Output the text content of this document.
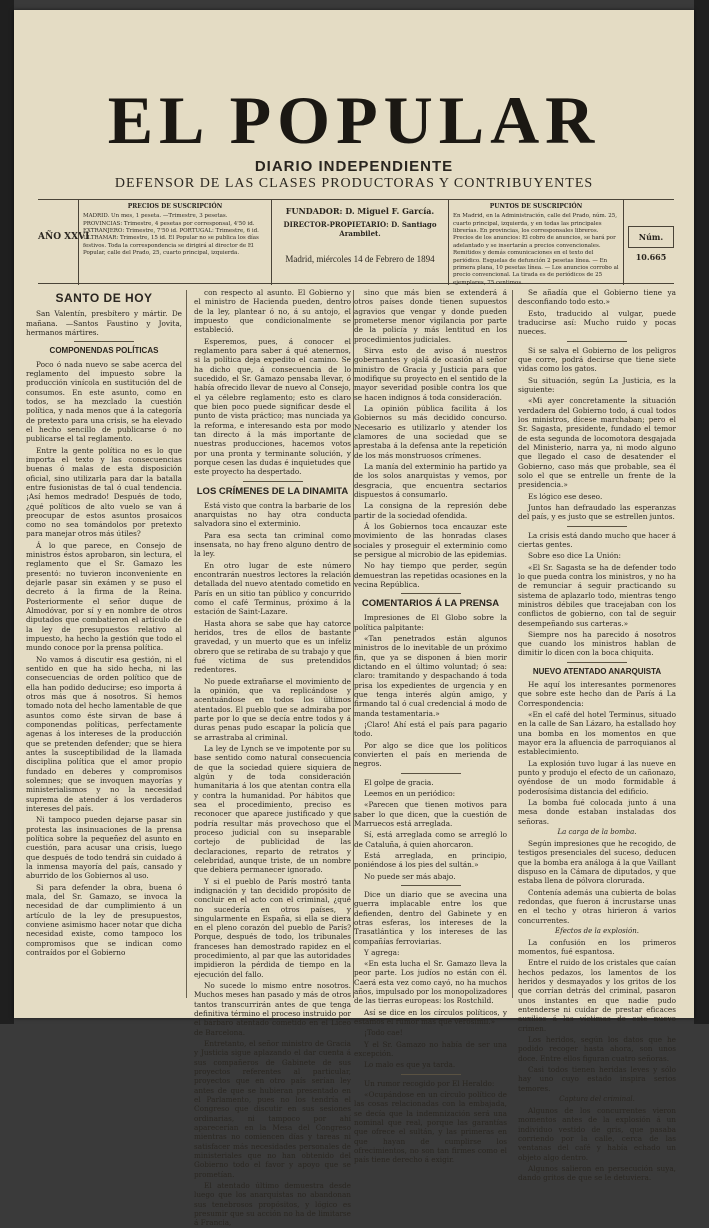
EL POPULAR
DIARIO INDEPENDIENTE
DEFENSOR DE LAS CLASES PRODUCTORAS Y CONTRIBUYENTES
AÑO XXVI
PRECIOS DE SUSCRIPCIÓN
MADRID. Un mes, 1 peseta. —Trimestre, 3 pesetas. PROVINCIAS: Trimestre, 4 pesetas por corresponsal, 4'50 id. EXTRANJERO: Trimestre, 7'50 id. PORTUGAL: Trimestre, 6 id. ULTRAMAR: Trimestre, 15 id. El Popular no se publica los días festivos. Toda la correspondencia se dirigirá al director de El Popular, calle del Prado, 25, cuarto principal, izquierda.
FUNDADOR: D. Miguel F. García.
DIRECTOR-PROPIETARIO: D. Santiago Arambilet.
Madrid, miércoles 14 de Febrero de 1894
PUNTOS DE SUSCRIPCIÓN
En Madrid, en la Administración, calle del Prado, núm. 25, cuarto principal, izquierda, y en todas las principales librerías. En provincias, los corresponsales libreros. Precios de los anuncios: El cobro de anuncios, se hará por adelantado y se insertarán a precios convencionales. Remitidos y demás comunicaciones en el texto del periódico. Esquelas de defunción 2 pesetas línea. — En primera plana, 10 pesetas línea. — Los anuncios corrobo al precio convencional. La tirada es de periódicos de 25 ejemplares, 75 centimos.
Núm. 10.665
SANTO DE HOY

San Valentín, presbítero y mártir. De mañana. —Santos Faustino y Jovita, hermanos mártires.

COMPONENDAS POLÍTICAS

Poco ó nada nuevo se sabe acerca del reglamento del impuesto sobre la producción vinícola en sustitución del de consumos. En este asunto, como en todos, se ha mezclado la cuestión política, y nada menos que á la categoría de pretexto para una crisis, se ha elevado el hecho sencillo de publicarse ó no publicarse el tal reglamento.

Entre la gente política no es lo que importa el texto y las consecuencias buenas ó malas de esta disposición oficial, sino utilizarla para dar la batalla entre fusionistas de tal ó cual tendencia. ¡Así hemos medrado! Después de todo, ¿qué políticos de alto vuelo se van á preocupar de estos asuntos prosaicos como no sea tomándolos por pretexto para manejar otros más útiles?

Á lo que parece, en Consejo de ministros éstos aprobaron, sin lectura, el reglamento que el Sr. Gamazo les presentó: no tuvieron inconveniente en dejarle pasar sin exámen y se puso el decreto á la firma de la Reina. Posteriormente el señor duque de Almodóvar, por sí y en nombre de otros diputados que combatieron el artículo de la ley de presupuestos relativo al impuesto, ha hecho la gestión que todo el mundo conoce por la prensa política.

No vamos á discutir esa gestión, ni el sentido en que ha sido hecha, ni las consecuencias de orden político que de ella han podido deducirse; eso importa á otros más que á nosotros. Sí hemos tomado nota del hecho lamentable de que asuntos como éste sirvan de base á componendas políticas, perfectamente agenas á los intereses de la producción que se pretenden defender; que se hiera antes la susceptibilidad de la llamada disciplina política que el amor propio fundado en deberes y compromisos solemnes; que se invoquen mayorías y ministerialismos y no la necesidad suprema de atender á los verdaderos intereses del país.

Ni tampoco pueden dejarse pasar sin protesta las insinuaciones de la prensa política sobre la pequeñez del asunto en cuestión, para acusar una crisis, luego que después de todo tendrá sin cuidado á la inmensa mayoría del país, cansado y aburrido de los Gobiernos al uso.

Si para defender la obra, buena ó mala, del Sr. Gamazo, se invoca la necesidad de dar cumplimiento á un artículo de la ley de presupuestos, conviene asimismo hacer notar que dicha necesidad existe, como tampoco los compromisos que se indican como contraídos por el Gobierno

con respecto al asunto. El Gobierno y el ministro de Hacienda pueden, dentro de la ley, plantear ó no, á su antojo, el impuesto que condicionalmente se estableció.

Esperemos, pues, á conocer el reglamento para saber á qué atenernos, si la política deja expedito el camino. Se ha dicho que, á consecuencia de lo sucedido, el Sr. Gamazo pensaba llevar, ó había ofrecido llevar de nuevo al Consejo, el ya célebre reglamento; esto es claro que bien poco puede significar desde el punto de vista práctico; mas nunciada ya la reforma, e interesando esta por modo tan directo á la más importante de nuestras producciones, hacemos votos por una pronta y terminante solución, y porque cesen las dudas é inquietudes que este proyecto ha despertado.

LOS CRÍMENES DE LA DINAMITA

Está visto que contra la barbarie de los anarquistas no hay otra conducta salvadora sino el exterminio.

Para esa secta tan criminal como insensata, no hay freno alguno dentro de la ley.

En otro lugar de este número encontrarán nuestros lectores la relación detallada del nuevo atentado cometido en París en un sitio tan público y concurrido como el café Terminus, próximo á la estación de Saint-Lazare.

Hasta ahora se sabe que hay catorce heridos, tres de ellos de bastante gravedad, y un muerto que es un infeliz obrero que se retiraba de su trabajo y que fué víctima de sus pretendidos redentores.

No puede extrañarse el movimiento de la opinión, que va replicándose y acentuándose en todos los últimos atentados. El pueblo que se admiraba por parte por lo que se decía entre todos y á duras penas pudo escapar la policía que se arrastraba al criminal.

La ley de Lynch se ve impotente por su base sentido como natural consecuencia de que la sociedad quiere siquiera de algún y de toda consideración humanitaria á los que atentan contra ella y contra la humanidad. Por hábitos que sea el procedimiento, preciso es reconocer que aparece justificado y que podría resultar más provechoso que el proceso judicial con su inseparable cortejo de publicidad de las declaraciones, reparto de retratos y celebridad, aunque triste, de un nombre que debiera permanecer ignorado.

Y si el pueblo de París mostró tanta indignación y tan decidido propósito de concluir en el acto con el criminal, ¿qué no sucedería en otros países, y singularmente en España, si ella se diera en el pleno corazón del pueblo de París? Porque, después de todo, los tribunales franceses han demostrado rapidez en el procedimiento, al par que las autoridades impidieron la pérdida de tiempo en la ejecución del fallo.

No sucede lo mismo entre nosotros. Muchos meses han pasado y más de otros tantos transcurrirán antes de que tenga definitiva término el proceso instruido por el bárbaro atentado cometido en el Liceo de Barcelona.

Entretanto, el señor ministro de Gracia y Justicia sigue aplazando el dar cuenta á sus compañeros de Gabinete de sus proyectos referentes al particular, proyectos que en otro país serían ley antes de que se hubieran presentado en el Parlamento, pues no los tendría el Congreso que discutir en sus sesiones ordinarias, ni tampoco por ahí aparecerían en la Mesa del Congreso mientras no comiencen días y tareas ni satisfacer más necesidades personales de ministeriales que no han obtenido del Gobierno todo el favor y apoyo que se prometían.

El atentado último demuestra desde luego que los anarquistas no abandonan sus tenebrosos propósitos, y lógico es presumir que su acción no ha de limitarse á Francia,

sino que más bien se extenderá á otros países donde tienen supuestos agravios que vengar y donde pueden prometerse menor vigilancia por parte de la policía y más lentitud en los procedimientos judiciales.

Sirva esto de aviso á nuestros gobernantes y ojalá de ocasión al señor ministro de Gracia y Justicia para que modifique su proyecto en el sentido de la mayor severidad posible contra los que se hacen indignos á toda consideración.

La opinión pública facilita á los Gobiernos su más decidido concurso. Necesario es utilizarlo y atender los clamores de una sociedad que se aprestaba á la defensa ante la repetición de los más monstruosos crímenes.

La manía del exterminio ha partido ya de los solos anarquistas y vemos, por desgracia, que encuentra sectarios dispuestos á consumarlo.

La consigna de la represión debe partir de la sociedad ofendida.

Á los Gobiernos toca encauzar este movimiento de las honradas clases sociales y proseguir el exterminio como se persigue al microbio de las epidemias.

No hay tiempo que perder, según demuestran las repetidas ocasiones en la vecina República.

COMENTARIOS Á LA PRENSA

Impresiones de El Globo sobre la política palpitante:

«Tan penetrados están algunos ministros de lo inevitable de un próximo fin, que ya se disponen á bien morir dictando en el último voluntad; ó sea: claro: tramitando y despachando á toda prisa los expedientes de urgencia y en que tenga interés algún amigo, y firmando tal ó cual credencial á modo de manda testamentaria.»

¡Claro! Ahí está el país para pagario todo.

Por algo se dice que los políticos convierten el país en merienda de negros.

El golpe de gracia.

Leemos en un periódico:

«Parecen que tienen motivos para saber lo que dicen, que la cuestión de Marruecos está arreglada.

Sí, está arreglada como se arregló lo de Cataluña, á quien ahorcaron.

Está arreglada, en principio, poniéndose á los pies del sultán.»

No puede ser más abajo.

Dice un diario que se avecina una guerra implacable entre los que defienden, dentro del Gabinete y en otras esferas, los intereses de la Trasatlántica y los intereses de las compañías ferroviarias.

Y agrega:

«En esta lucha el Sr. Gamazo lleva la peor parte. Los judíos no están con él. Caerá esta vez como cayó, no ha muchos años, impulsado por los monopolizadores de las tierras europeas: los Rostchild.

Así se dice en los círculos políticos, y estamos el rumor más que verosímil.»

¡Todo cae!

Y el Sr. Gamazo no había de ser una excepción.

Lo malo es que ya tarda.

Un rumor recogido por El Heraldo:

«Ocupándose en un círculo político de las cosas relacionadas con la embajada, se decía que la indemnización será una nominal que real, porque las garantías que ofrece el sultán, y las primeras en que hayan de cumplirse los ofrecimientos, no son tan firmes como el país tiene derecho á exigir.

Se añadía que el Gobierno tiene ya desconfiando todo esto.»

Esto, traducido al vulgar, puede traducirse así: Mucho ruido y pocas nueces.

Si se salva el Gobierno de los peligros que corre, podrá decirse que tiene siete vidas como los gatos.

Su situación, según La Justicia, es la siguiente:

«Mi ayer concretamente la situación verdadera del Gobierno todo, á cual todos los ministros, dícese marchaban; pero el Sr. Sagasta, presidente, fundado el temor de esta segunda de locomotora desgajada del Ministerio, narra ya, ni modo alguno que llegado el caso de desatender el Gobierno, caso más que probable, sea él solo el que se entrelle un frente de la presidencia.»

Es lógico ese deseo.

Juntos han defraudado las esperanzas del país, y es justo que se estrellen juntos.

La crisis está dando mucho que hacer á ciertas gentes.

Sobre eso dice La Unión:

«El Sr. Sagasta se ha de defender todo lo que pueda contra los ministros, y no ha de remunciar á seguir practicando su sistema de aplazarlo todo, mientras tengo ministros débiles que tracejaban con los conflictos de gobierno, con tal de seguir desempeñando sus carteras.»

Siempre nos ha parecido á nosotros que cuando los ministros hablan de dimitir lo dicen con la boca chiquita.

NUEVO ATENTADO ANARQUISTA

He aquí los interesantes pormenores que sobre este hecho dan de París á La Correspondencia:

«En el café del hotel Terminus, situado en la calle de San Lázaro, ha estallado hoy una bomba en los momentos en que mayor era la afluencia de parroquianos al establecimiento.

La explosión tuvo lugar á las nueve en punto y produjo el efecto de un cañonazo, oyéndose de un modo formidable á poderosísima distancia del edificio.

La bomba fué colocada junto á una mesa donde estaban instaladas dos señoras.

La carga de la bomba.

Según impresiones que he recogido, de testigos presenciales del suceso, deducen que la bomba era análoga á la que Vaillant dispuso en la Cámara de diputados, y que estaba llena de pólvora clorurada.

Contenía además una cubierta de bolas redondas, que fueron á incrustarse unas en el techo y otras hirieron á varios concurrentes.

Efectos de la explosión.

La confusión en los primeros momentos, fué espantosa.

Entre el ruido de los cristales que caían hechos pedazos, los lamentos de los heridos y desmayados y los gritos de los que corrían detrás del criminal, pasaron unos instantes en que nadie pudo entenderse ni cuidar de prestar eficaces auxilios á las víctimas de este nuevo crimen.

Los heridos, según los datos que he podido recoger hasta ahora, son unos doce. Entre ellos figuran cuatro señoras.

Casi todos tienen heridas leves y sólo hay uno cuyo estado inspira serios temores.

Captura del criminal.

Algunos de los concurrentes vieron momentos antes de la explosión á un individuo vestido de gris, que pasaba corriendo por la calle, cerca de las ventanas del café y había echado un objeto algo dentro.

Algunos salieron en persecución suya, dando gritos de que se le detuviera.
